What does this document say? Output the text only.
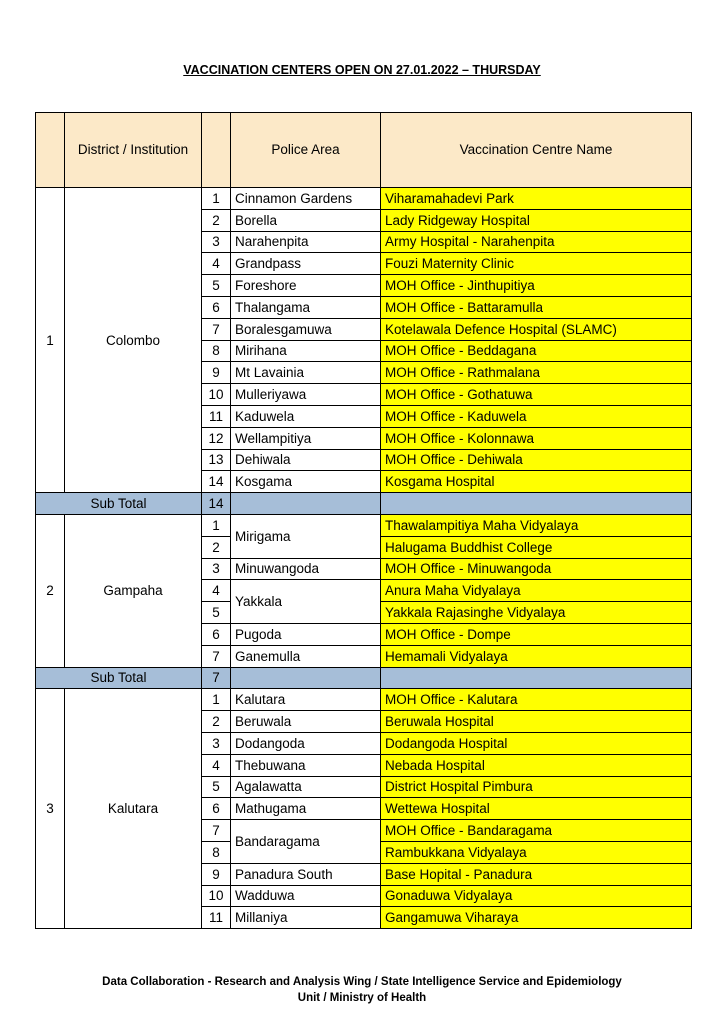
VACCINATION CENTERS OPEN ON 27.01.2022 – THURSDAY
	District / Institution		Police Area	Vaccination Centre Name
1	Colombo	1	Cinnamon Gardens	Viharamahadevi Park
		2	Borella	Lady Ridgeway Hospital
		3	Narahenpita	Army Hospital - Narahenpita
		4	Grandpass	Fouzi Maternity Clinic
		5	Foreshore	MOH Office - Jinthupitiya
		6	Thalangama	MOH Office - Battaramulla
		7	Boralesgamuwa	Kotelawala Defence Hospital (SLAMC)
		8	Mirihana	MOH Office - Beddagana
		9	Mt Lavainia	MOH Office - Rathmalana
		10	Mulleriyawa	MOH Office - Gothatuwa
		11	Kaduwela	MOH Office - Kaduwela
		12	Wellampitiya	MOH Office - Kolonnawa
		13	Dehiwala	MOH Office - Dehiwala
		14	Kosgama	Kosgama Hospital
Sub Total		14		
2	Gampaha	1	Mirigama	Thawalampitiya Maha Vidyalaya
		2		Halugama Buddhist College
		3	Minuwangoda	MOH Office - Minuwangoda
		4	Yakkala	Anura Maha Vidyalaya
		5		Yakkala Rajasinghe Vidyalaya
		6	Pugoda	MOH Office - Dompe
		7	Ganemulla	Hemamali Vidyalaya
Sub Total		7		
3	Kalutara	1	Kalutara	MOH Office - Kalutara
		2	Beruwala	Beruwala Hospital
		3	Dodangoda	Dodangoda Hospital
		4	Thebuwana	Nebada Hospital
		5	Agalawatta	District Hospital Pimbura
		6	Mathugama	Wettewa Hospital
		7	Bandaragama	MOH Office - Bandaragama
		8		Rambukkana Vidyalaya
		9	Panadura South	Base Hopital - Panadura
		10	Wadduwa	Gonaduwa Vidyalaya
		11	Millaniya	Gangamuwa Viharaya
Data Collaboration - Research and Analysis Wing / State Intelligence Service and Epidemiology
Unit / Ministry of Health
